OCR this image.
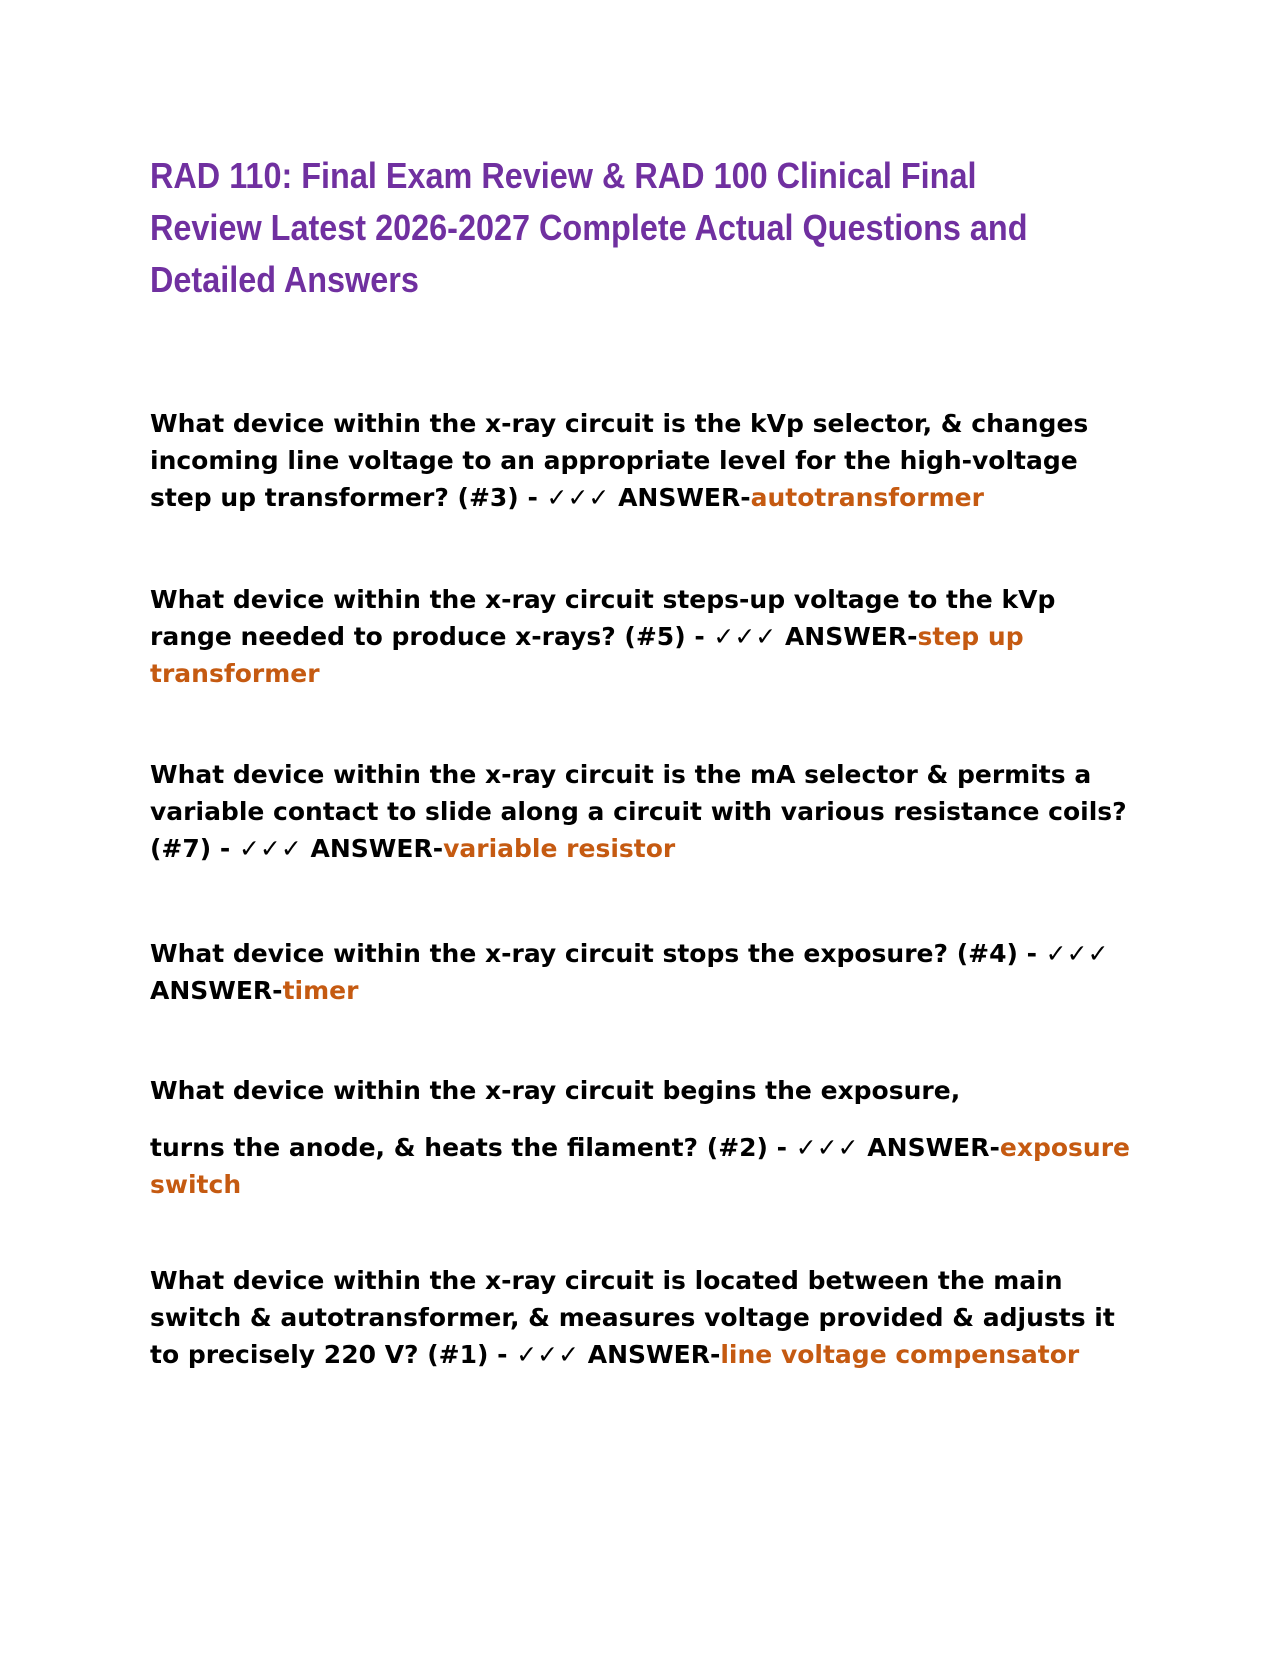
RAD 110: Final Exam Review & RAD 100 Clinical Final Review Latest 2026-2027 Complete Actual Questions and Detailed Answers

What device within the x-ray circuit is the kVp selector, & changes incoming line voltage to an appropriate level for the high-voltage step up transformer? (#3) - ✓✓✓ ANSWER-autotransformer

What device within the x-ray circuit steps-up voltage to the kVp range needed to produce x-rays? (#5) - ✓✓✓ ANSWER-step up transformer

What device within the x-ray circuit is the mA selector & permits a variable contact to slide along a circuit with various resistance coils? (#7) - ✓✓✓ ANSWER-variable resistor

What device within the x-ray circuit stops the exposure? (#4) - ✓✓✓ ANSWER-timer

What device within the x-ray circuit begins the exposure,
turns the anode, & heats the filament? (#2) - ✓✓✓ ANSWER-exposure switch

What device within the x-ray circuit is located between the main switch & autotransformer, & measures voltage provided & adjusts it to precisely 220 V? (#1) - ✓✓✓ ANSWER-line voltage compensator
